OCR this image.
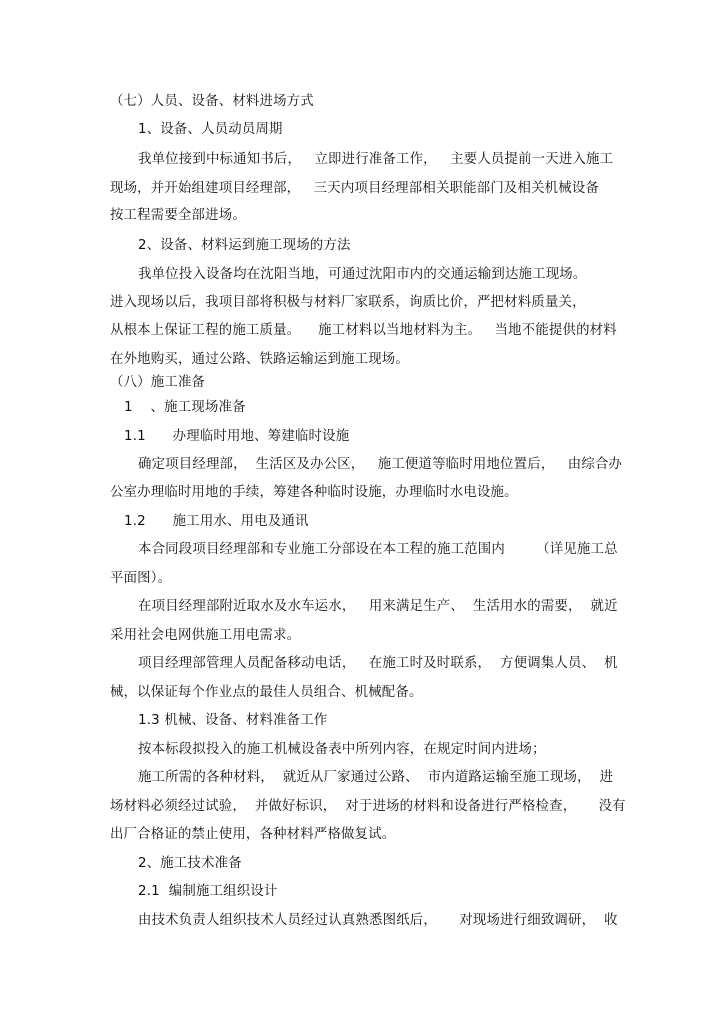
（七）人员、设备、材料进场方式
1、设备、人员动员周期
我单位接到中标通知书后，   立即进行准备工作，   主要人员提前一天进入施工
现场，并开始组建项目经理部，   三天内项目经理部相关职能部门及相关机械设备
按工程需要全部进场。
2、设备、材料运到施工现场的方法
我单位投入设备均在沈阳当地，可通过沈阳市内的交通运输到达施工现场。
进入现场以后，我项目部将积极与材料厂家联系，询质比价，严把材料质量关，
从根本上保证工程的施工质量。    施工材料以当地材料为主。   当地不能提供的材料
在外地购买，通过公路、铁路运输运到施工现场。
（八）施工准备
1    、施工现场准备
1.1      办理临时用地、筹建临时设施
确定项目经理部，  生活区及办公区，   施工便道等临时用地位置后，   由综合办
公室办理临时用地的手续，筹建各种临时设施，办理临时水电设施。
1.2      施工用水、用电及通讯
本合同段项目经理部和专业施工分部设在本工程的施工范围内       （详见施工总
平面图）。
在项目经理部附近取水及水车运水，   用来满足生产、  生活用水的需要，  就近
采用社会电网供施工用电需求。
项目经理部管理人员配备移动电话，   在施工时及时联系，  方便调集人员、  机
械，以保证每个作业点的最佳人员组合、机械配备。
1.3 机械、设备、材料准备工作
按本标段拟投入的施工机械设备表中所列内容，在规定时间内进场；
施工所需的各种材料，  就近从厂家通过公路、  市内道路运输至施工现场，  进
场材料必须经过试验，  并做好标识，  对于进场的材料和设备进行严格检查，     没有
出厂合格证的禁止使用，各种材料严格做复试。
2、施工技术准备
2.1  编制施工组织设计
由技术负责人组织技术人员经过认真熟悉图纸后，     对现场进行细致调研，  收
